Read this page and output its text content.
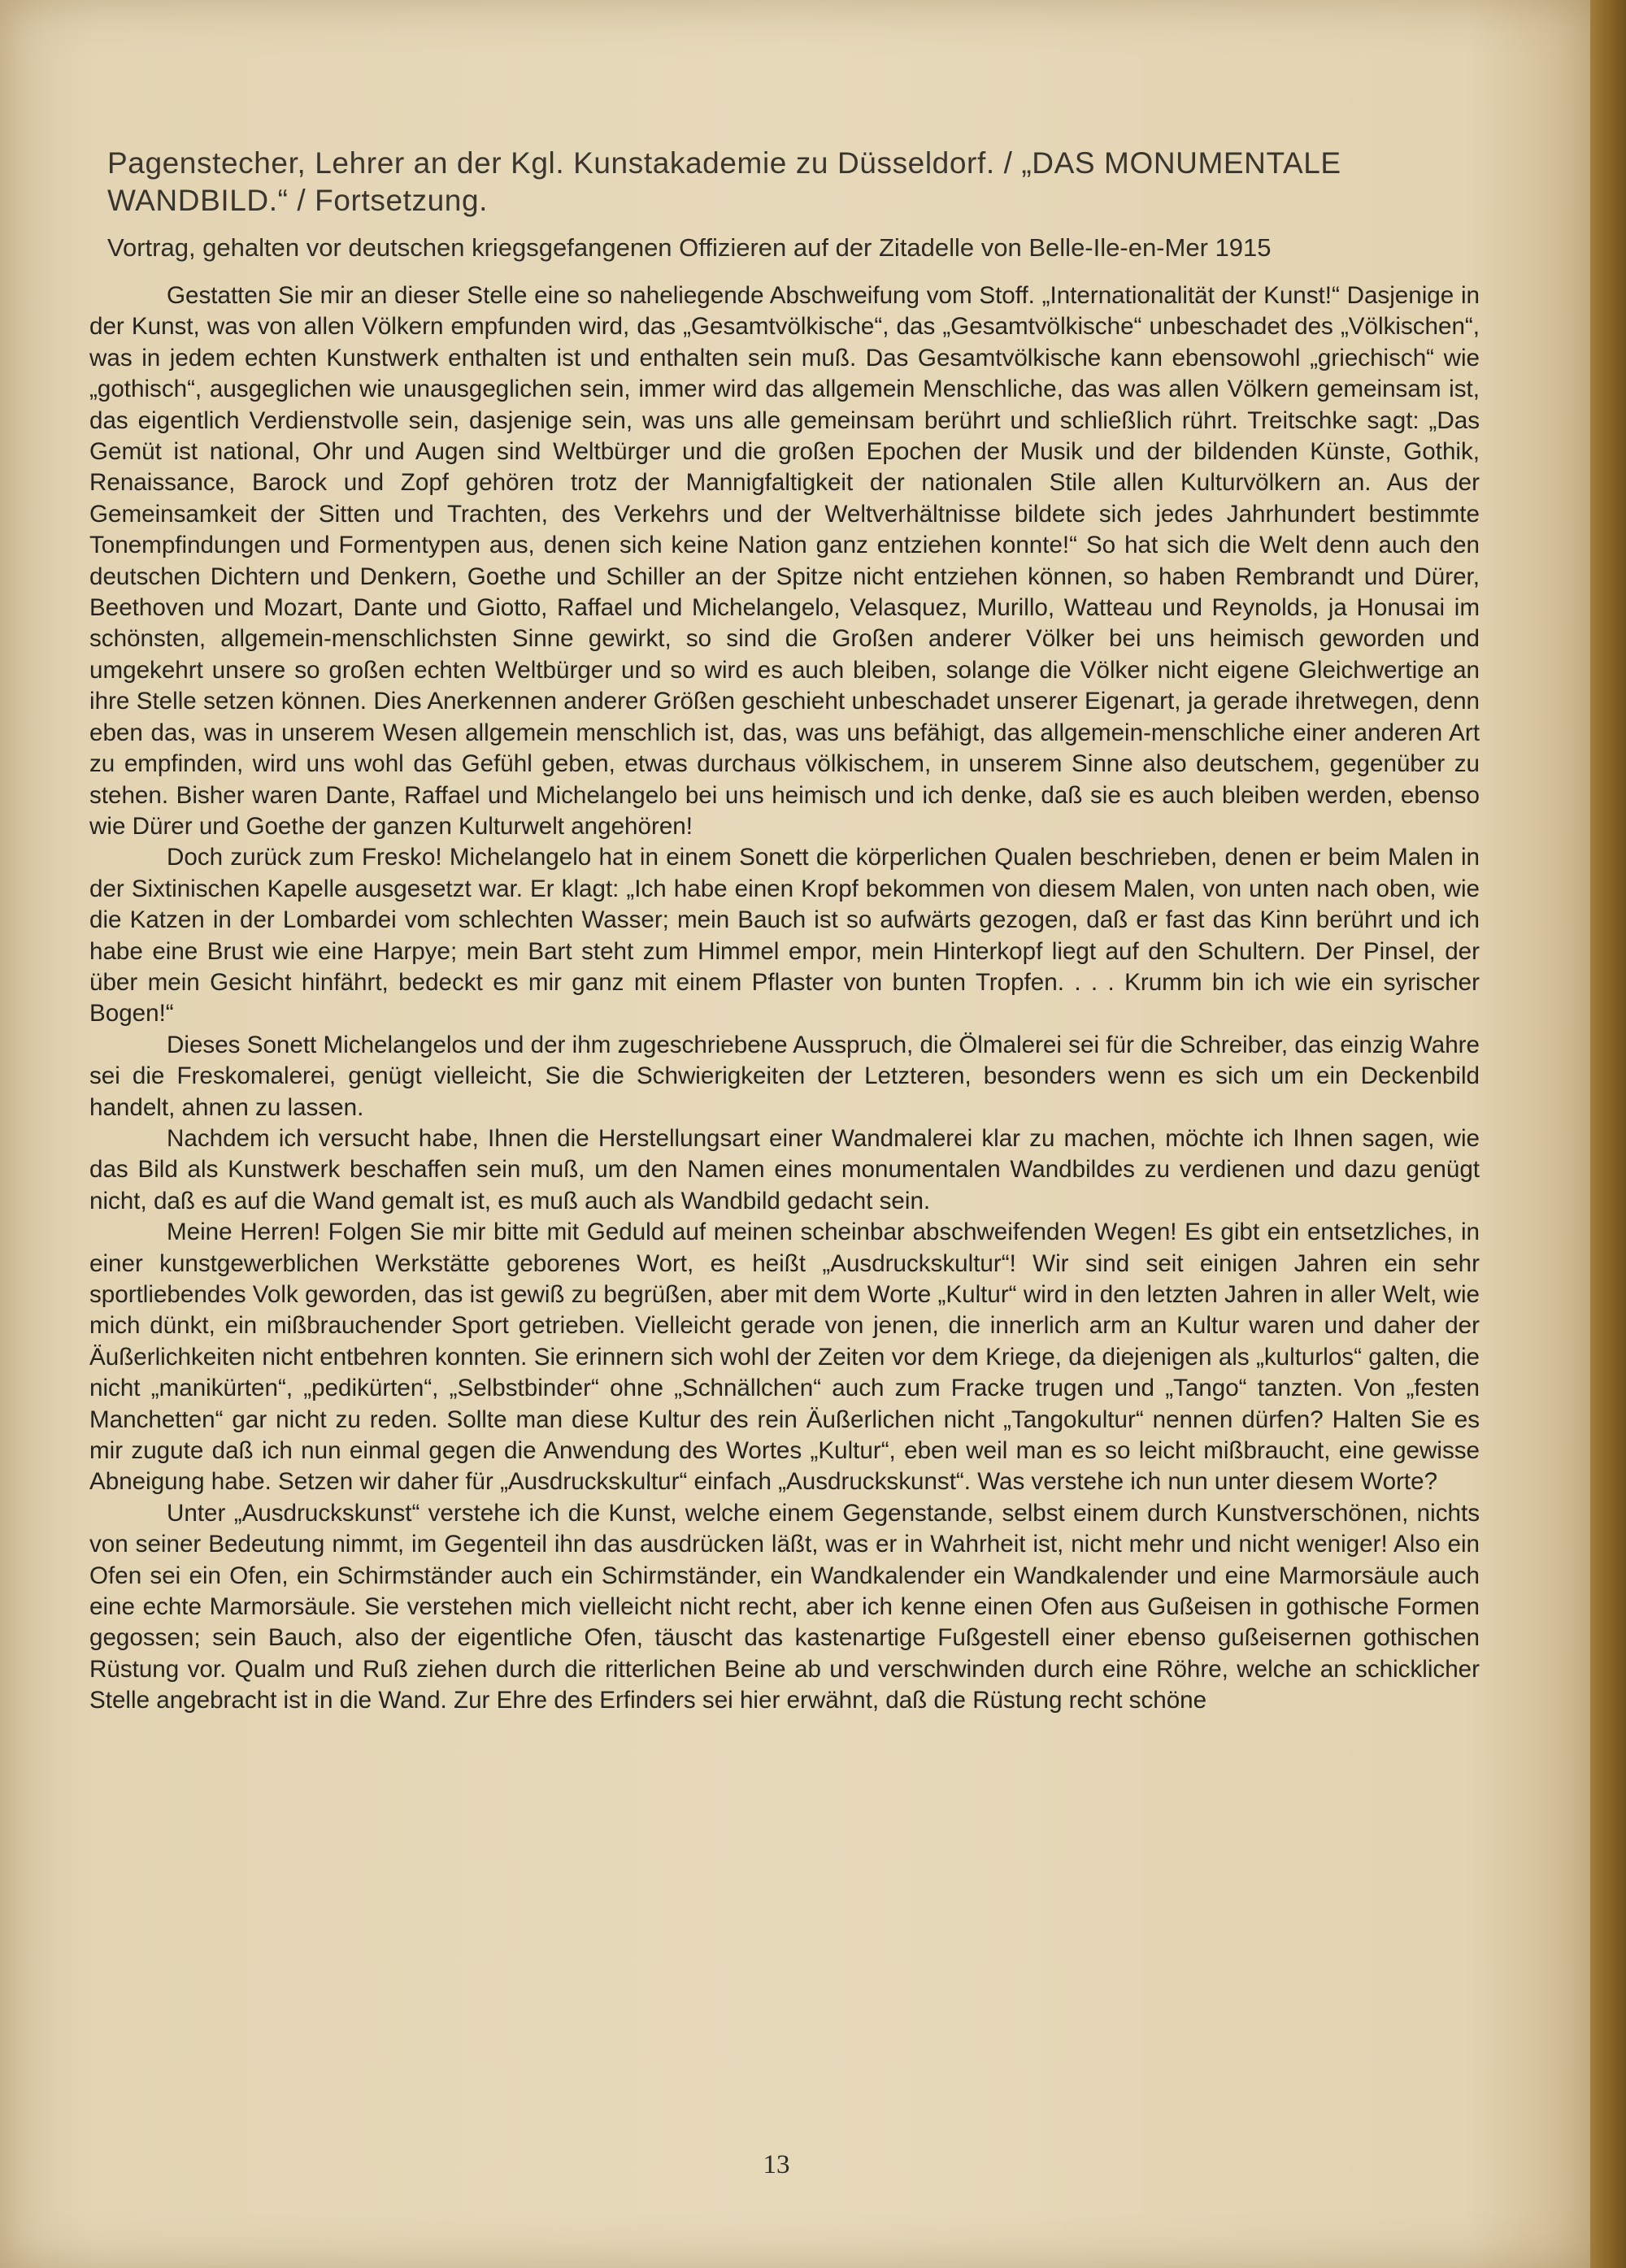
Pagenstecher, Lehrer an der Kgl. Kunstakademie zu Düsseldorf. / „DAS MONUMENTALE WANDBILD.“ / Fortsetzung.
Vortrag, gehalten vor deutschen kriegsgefangenen Offizieren auf der Zitadelle von Belle-Ile-en-Mer 1915

Gestatten Sie mir an dieser Stelle eine so naheliegende Abschweifung vom Stoff. „Internationalität der Kunst!“ Dasjenige in der Kunst, was von allen Völkern empfunden wird, das „Gesamtvölkische“, das „Gesamtvölkische“ unbeschadet des „Völkischen“, was in jedem echten Kunstwerk enthalten ist und enthalten sein muß. Das Gesamtvölkische kann ebensowohl „griechisch“ wie „gothisch“, ausgeglichen wie unausgeglichen sein, immer wird das allgemein Menschliche, das was allen Völkern gemeinsam ist, das eigentlich Verdienstvolle sein, dasjenige sein, was uns alle gemeinsam berührt und schließlich rührt. Treitschke sagt: „Das Gemüt ist national, Ohr und Augen sind Weltbürger und die großen Epochen der Musik und der bildenden Künste, Gothik, Renaissance, Barock und Zopf gehören trotz der Mannigfaltigkeit der nationalen Stile allen Kulturvölkern an. Aus der Gemeinsamkeit der Sitten und Trachten, des Verkehrs und der Weltverhältnisse bildete sich jedes Jahrhundert bestimmte Tonempfindungen und Formentypen aus, denen sich keine Nation ganz entziehen konnte!“ So hat sich die Welt denn auch den deutschen Dichtern und Denkern, Goethe und Schiller an der Spitze nicht entziehen können, so haben Rembrandt und Dürer, Beethoven und Mozart, Dante und Giotto, Raffael und Michelangelo, Velasquez, Murillo, Watteau und Reynolds, ja Honusai im schönsten, allgemein-menschlichsten Sinne gewirkt, so sind die Großen anderer Völker bei uns heimisch geworden und umgekehrt unsere so großen echten Weltbürger und so wird es auch bleiben, solange die Völker nicht eigene Gleichwertige an ihre Stelle setzen können. Dies Anerkennen anderer Größen geschieht unbeschadet unserer Eigenart, ja gerade ihretwegen, denn eben das, was in unserem Wesen allgemein menschlich ist, das, was uns befähigt, das allgemein-menschliche einer anderen Art zu empfinden, wird uns wohl das Gefühl geben, etwas durchaus völkischem, in unserem Sinne also deutschem, gegenüber zu stehen. Bisher waren Dante, Raffael und Michelangelo bei uns heimisch und ich denke, daß sie es auch bleiben werden, ebenso wie Dürer und Goethe der ganzen Kulturwelt angehören!

Doch zurück zum Fresko! Michelangelo hat in einem Sonett die körperlichen Qualen beschrieben, denen er beim Malen in der Sixtinischen Kapelle ausgesetzt war. Er klagt: „Ich habe einen Kropf bekommen von diesem Malen, von unten nach oben, wie die Katzen in der Lombardei vom schlechten Wasser; mein Bauch ist so aufwärts gezogen, daß er fast das Kinn berührt und ich habe eine Brust wie eine Harpye; mein Bart steht zum Himmel empor, mein Hinterkopf liegt auf den Schultern. Der Pinsel, der über mein Gesicht hinfährt, bedeckt es mir ganz mit einem Pflaster von bunten Tropfen. . . . Krumm bin ich wie ein syrischer Bogen!“

Dieses Sonett Michelangelos und der ihm zugeschriebene Ausspruch, die Ölmalerei sei für die Schreiber, das einzig Wahre sei die Freskomalerei, genügt vielleicht, Sie die Schwierigkeiten der Letzteren, besonders wenn es sich um ein Deckenbild handelt, ahnen zu lassen.

Nachdem ich versucht habe, Ihnen die Herstellungsart einer Wandmalerei klar zu machen, möchte ich Ihnen sagen, wie das Bild als Kunstwerk beschaffen sein muß, um den Namen eines monumentalen Wandbildes zu verdienen und dazu genügt nicht, daß es auf die Wand gemalt ist, es muß auch als Wandbild gedacht sein.

Meine Herren! Folgen Sie mir bitte mit Geduld auf meinen scheinbar abschweifenden Wegen! Es gibt ein entsetzliches, in einer kunstgewerblichen Werkstätte geborenes Wort, es heißt „Ausdruckskultur“! Wir sind seit einigen Jahren ein sehr sportliebendes Volk geworden, das ist gewiß zu begrüßen, aber mit dem Worte „Kultur“ wird in den letzten Jahren in aller Welt, wie mich dünkt, ein mißbrauchender Sport getrieben. Vielleicht gerade von jenen, die innerlich arm an Kultur waren und daher der Äußerlichkeiten nicht entbehren konnten. Sie erinnern sich wohl der Zeiten vor dem Kriege, da diejenigen als „kulturlos“ galten, die nicht „manikürten“, „pedikürten“, „Selbstbinder“ ohne „Schnällchen“ auch zum Fracke trugen und „Tango“ tanzten. Von „festen Manchetten“ gar nicht zu reden. Sollte man diese Kultur des rein Äußerlichen nicht „Tangokultur“ nennen dürfen? Halten Sie es mir zugute daß ich nun einmal gegen die Anwendung des Wortes „Kultur“, eben weil man es so leicht mißbraucht, eine gewisse Abneigung habe. Setzen wir daher für „Ausdruckskultur“ einfach „Ausdruckskunst“. Was verstehe ich nun unter diesem Worte?

Unter „Ausdruckskunst“ verstehe ich die Kunst, welche einem Gegenstande, selbst einem durch Kunstverschönen, nichts von seiner Bedeutung nimmt, im Gegenteil ihn das ausdrücken läßt, was er in Wahrheit ist, nicht mehr und nicht weniger! Also ein Ofen sei ein Ofen, ein Schirmständer auch ein Schirmständer, ein Wandkalender ein Wandkalender und eine Marmorsäule auch eine echte Marmorsäule. Sie verstehen mich vielleicht nicht recht, aber ich kenne einen Ofen aus Gußeisen in gothische Formen gegossen; sein Bauch, also der eigentliche Ofen, täuscht das kastenartige Fußgestell einer ebenso gußeisernen gothischen Rüstung vor. Qualm und Ruß ziehen durch die ritterlichen Beine ab und verschwinden durch eine Röhre, welche an schicklicher Stelle angebracht ist in die Wand. Zur Ehre des Erfinders sei hier erwähnt, daß die Rüstung recht schöne

13
